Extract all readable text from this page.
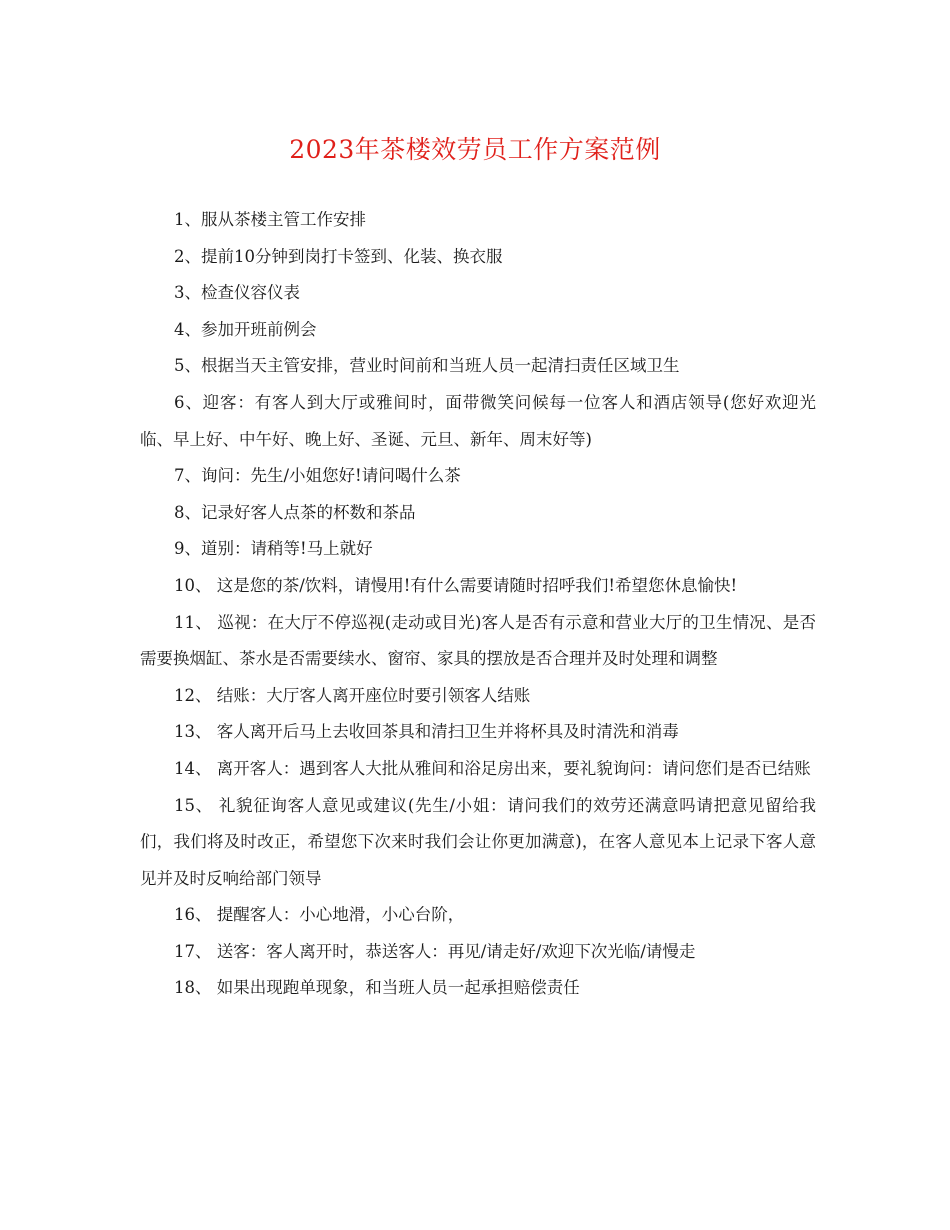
2023年茶楼效劳员工作方案范例
1、服从茶楼主管工作安排
2、提前10分钟到岗打卡签到、化装、换衣服
3、检查仪容仪表
4、参加开班前例会
5、根据当天主管安排，营业时间前和当班人员一起清扫责任区域卫生
6、迎客：有客人到大厅或雅间时，面带微笑问候每一位客人和酒店领导(您好欢迎光临、早上好、中午好、晚上好、圣诞、元旦、新年、周末好等)
7、询问：先生/小姐您好!请问喝什么茶
8、记录好客人点茶的杯数和茶品
9、道别：请稍等!马上就好
10、 这是您的茶/饮料，请慢用!有什么需要请随时招呼我们!希望您休息愉快!
11、 巡视：在大厅不停巡视(走动或目光)客人是否有示意和营业大厅的卫生情况、是否需要换烟缸、茶水是否需要续水、窗帘、家具的摆放是否合理并及时处理和调整
12、 结账：大厅客人离开座位时要引领客人结账
13、 客人离开后马上去收回茶具和清扫卫生并将杯具及时清洗和消毒
14、 离开客人：遇到客人大批从雅间和浴足房出来，要礼貌询问：请问您们是否已结账
15、 礼貌征询客人意见或建议(先生/小姐：请问我们的效劳还满意吗请把意见留给我们，我们将及时改正，希望您下次来时我们会让你更加满意)，在客人意见本上记录下客人意见并及时反响给部门领导
16、 提醒客人：小心地滑，小心台阶，
17、 送客：客人离开时，恭送客人：再见/请走好/欢迎下次光临/请慢走
18、 如果出现跑单现象，和当班人员一起承担赔偿责任
